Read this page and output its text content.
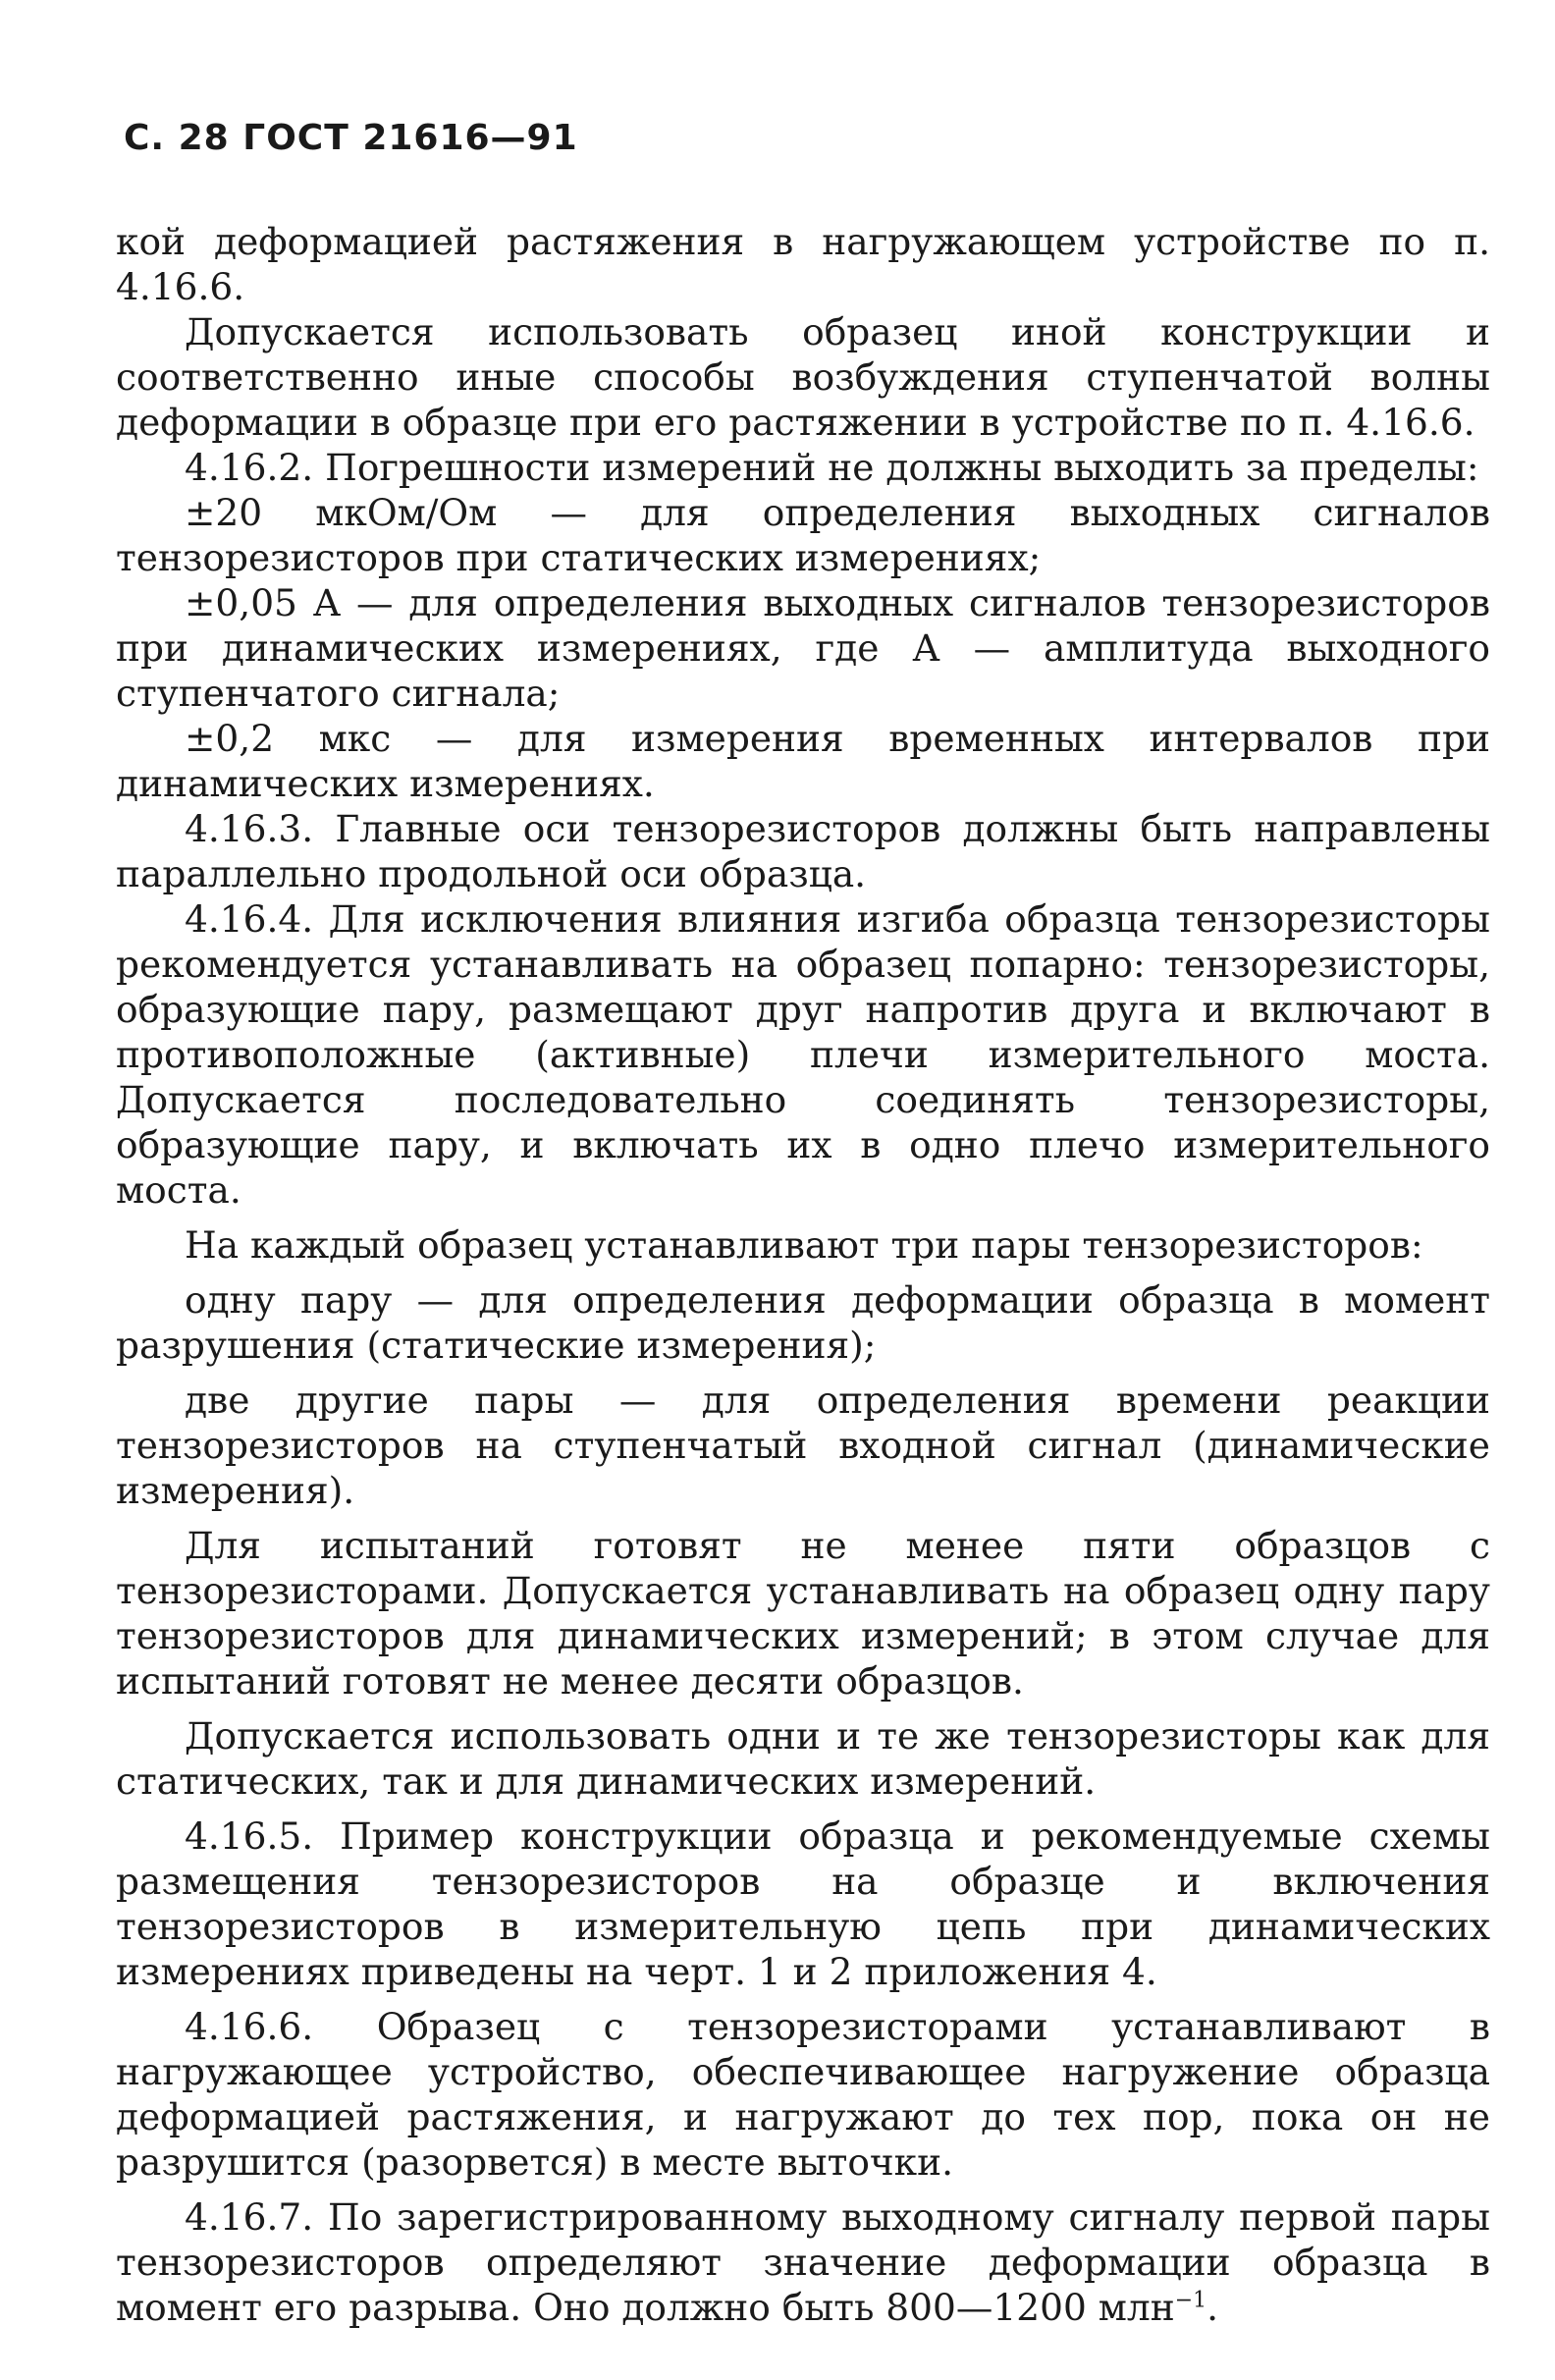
С. 28 ГОСТ 21616—91

кой деформацией растяжения в нагружающем устройстве по п. 4.16.6.

Допускается использовать образец иной конструкции и соответственно иные способы возбуждения ступенчатой волны деформации в образце при его растяжении в устройстве по п. 4.16.6.

4.16.2. Погрешности измерений не должны выходить за пределы:

±20 мкОм/Ом — для определения выходных сигналов тензорезисторов при статических измерениях;

±0,05 А — для определения выходных сигналов тензорезисторов при динамических измерениях, где А — амплитуда выходного ступенчатого сигнала;

±0,2 мкс — для измерения временных интервалов при динамических измерениях.

4.16.3. Главные оси тензорезисторов должны быть направлены параллельно продольной оси образца.

4.16.4. Для исключения влияния изгиба образца тензорезисторы рекомендуется устанавливать на образец попарно: тензорезисторы, образующие пару, размещают друг напротив друга и включают в противоположные (активные) плечи измерительного моста. Допускается последовательно соединять тензорезисторы, образующие пару, и включать их в одно плечо измерительного моста.

На каждый образец устанавливают три пары тензорезисторов:

одну пару — для определения деформации образца в момент разрушения (статические измерения);

две другие пары — для определения времени реакции тензорезисторов на ступенчатый входной сигнал (динамические измерения).

Для испытаний готовят не менее пяти образцов с тензорезисторами. Допускается устанавливать на образец одну пару тензорезисторов для динамических измерений; в этом случае для испытаний готовят не менее десяти образцов.

Допускается использовать одни и те же тензорезисторы как для статических, так и для динамических измерений.

4.16.5. Пример конструкции образца и рекомендуемые схемы размещения тензорезисторов на образце и включения тензорезисторов в измерительную цепь при динамических измерениях приведены на черт. 1 и 2 приложения 4.

4.16.6. Образец с тензорезисторами устанавливают в нагружающее устройство, обеспечивающее нагружение образца деформацией растяжения, и нагружают до тех пор, пока он не разрушится (разорвется) в месте выточки.

4.16.7. По зарегистрированному выходному сигналу первой пары тензорезисторов определяют значение деформации образца в момент его разрыва. Оно должно быть 800—1200 млн$^{-1}$.
